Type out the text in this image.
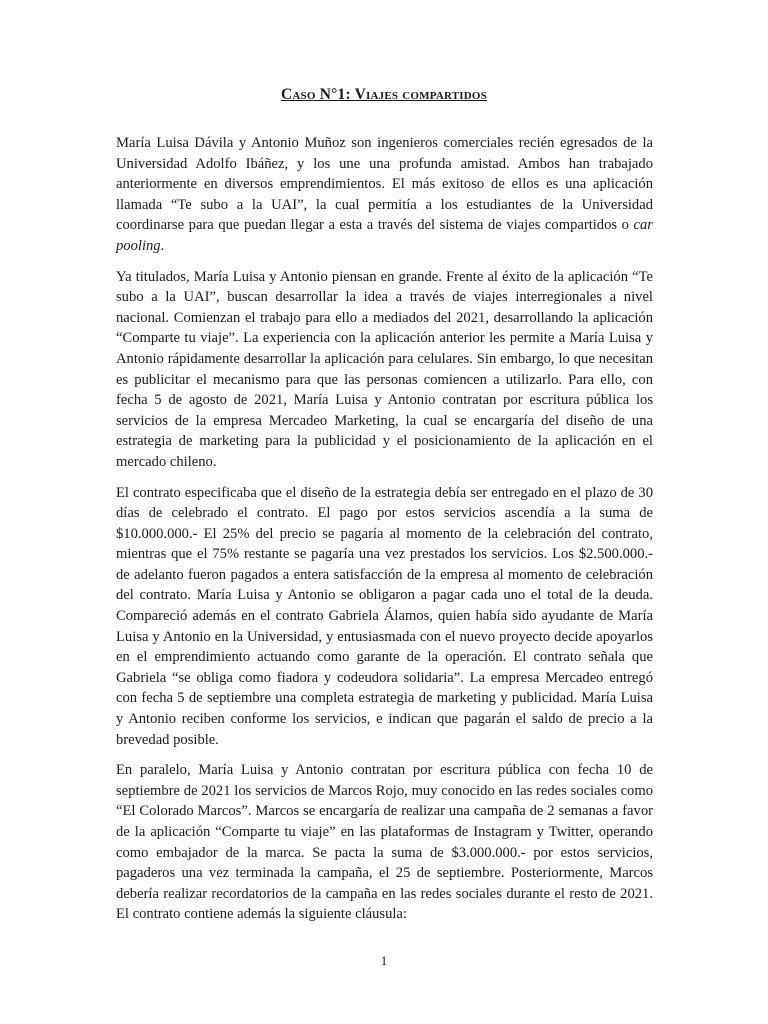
Caso N°1: Viajes compartidos

María Luisa Dávila y Antonio Muñoz son ingenieros comerciales recién egresados de la Universidad Adolfo Ibáñez, y los une una profunda amistad. Ambos han trabajado anteriormente en diversos emprendimientos. El más exitoso de ellos es una aplicación llamada “Te subo a la UAI”, la cual permitía a los estudiantes de la Universidad coordinarse para que puedan llegar a esta a través del sistema de viajes compartidos o car pooling.

Ya titulados, María Luisa y Antonio piensan en grande. Frente al éxito de la aplicación “Te subo a la UAI”, buscan desarrollar la idea a través de viajes interregionales a nivel nacional. Comienzan el trabajo para ello a mediados del 2021, desarrollando la aplicación “Comparte tu viaje”. La experiencia con la aplicación anterior les permite a María Luisa y Antonio rápidamente desarrollar la aplicación para celulares. Sin embargo, lo que necesitan es publicitar el mecanismo para que las personas comiencen a utilizarlo. Para ello, con fecha 5 de agosto de 2021, María Luisa y Antonio contratan por escritura pública los servicios de la empresa Mercadeo Marketing, la cual se encargaría del diseño de una estrategia de marketing para la publicidad y el posicionamiento de la aplicación en el mercado chileno.

El contrato especificaba que el diseño de la estrategia debía ser entregado en el plazo de 30 días de celebrado el contrato. El pago por estos servicios ascendía a la suma de $10.000.000.- El 25% del precio se pagaría al momento de la celebración del contrato, mientras que el 75% restante se pagaría una vez prestados los servicios. Los $2.500.000.- de adelanto fueron pagados a entera satisfacción de la empresa al momento de celebración del contrato. María Luisa y Antonio se obligaron a pagar cada uno el total de la deuda. Compareció además en el contrato Gabriela Álamos, quien había sido ayudante de María Luisa y Antonio en la Universidad, y entusiasmada con el nuevo proyecto decide apoyarlos en el emprendimiento actuando como garante de la operación. El contrato señala que Gabriela “se obliga como fiadora y codeudora solidaria”. La empresa Mercadeo entregó con fecha 5 de septiembre una completa estrategia de marketing y publicidad. María Luisa y Antonio reciben conforme los servicios, e indican que pagarán el saldo de precio a la brevedad posible.

En paralelo, María Luisa y Antonio contratan por escritura pública con fecha 10 de septiembre de 2021 los servicios de Marcos Rojo, muy conocido en las redes sociales como “El Colorado Marcos”. Marcos se encargaría de realizar una campaña de 2 semanas a favor de la aplicación “Comparte tu viaje” en las plataformas de Instagram y Twitter, operando como embajador de la marca. Se pacta la suma de $3.000.000.- por estos servicios, pagaderos una vez terminada la campaña, el 25 de septiembre. Posteriormente, Marcos debería realizar recordatorios de la campaña en las redes sociales durante el resto de 2021. El contrato contiene además la siguiente cláusula:

1
